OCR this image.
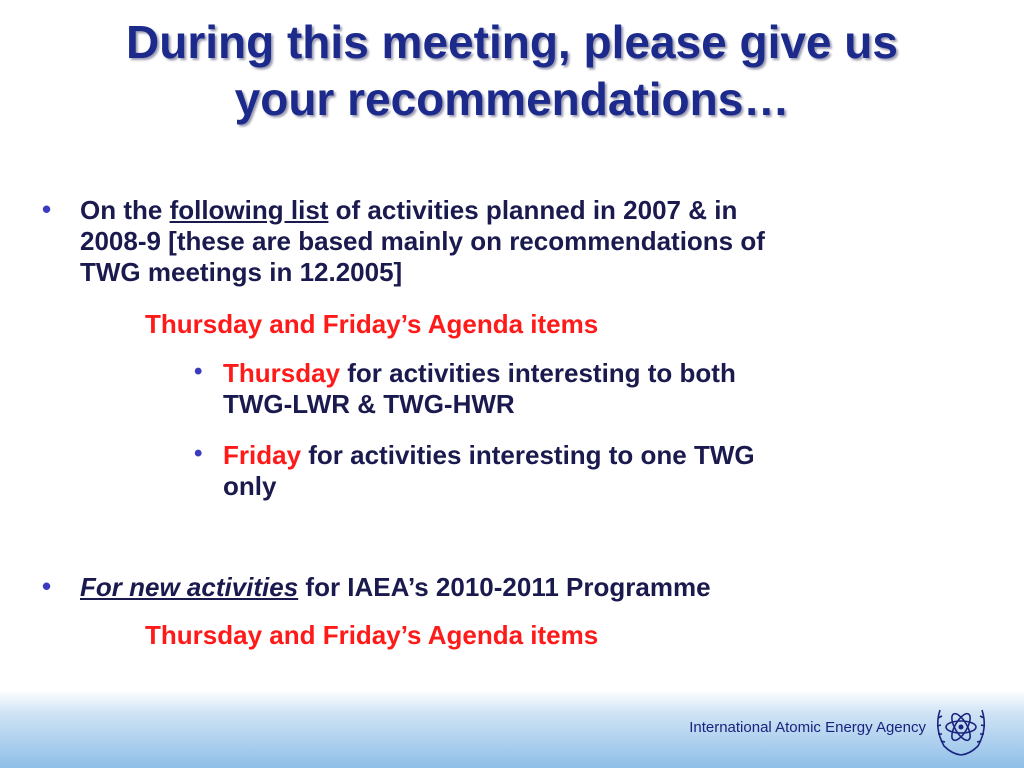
During this meeting, please give us
your recommendations…
• On the following list of activities planned in 2007 & in
2008-9 [these are based mainly on recommendations of
TWG meetings in 12.2005]
Thursday and Friday’s Agenda items
• Thursday for activities interesting to both
TWG-LWR & TWG-HWR
• Friday for activities interesting to one TWG
only
• For new activities for IAEA’s 2010-2011 Programme
Thursday and Friday’s Agenda items
International Atomic Energy Agency
